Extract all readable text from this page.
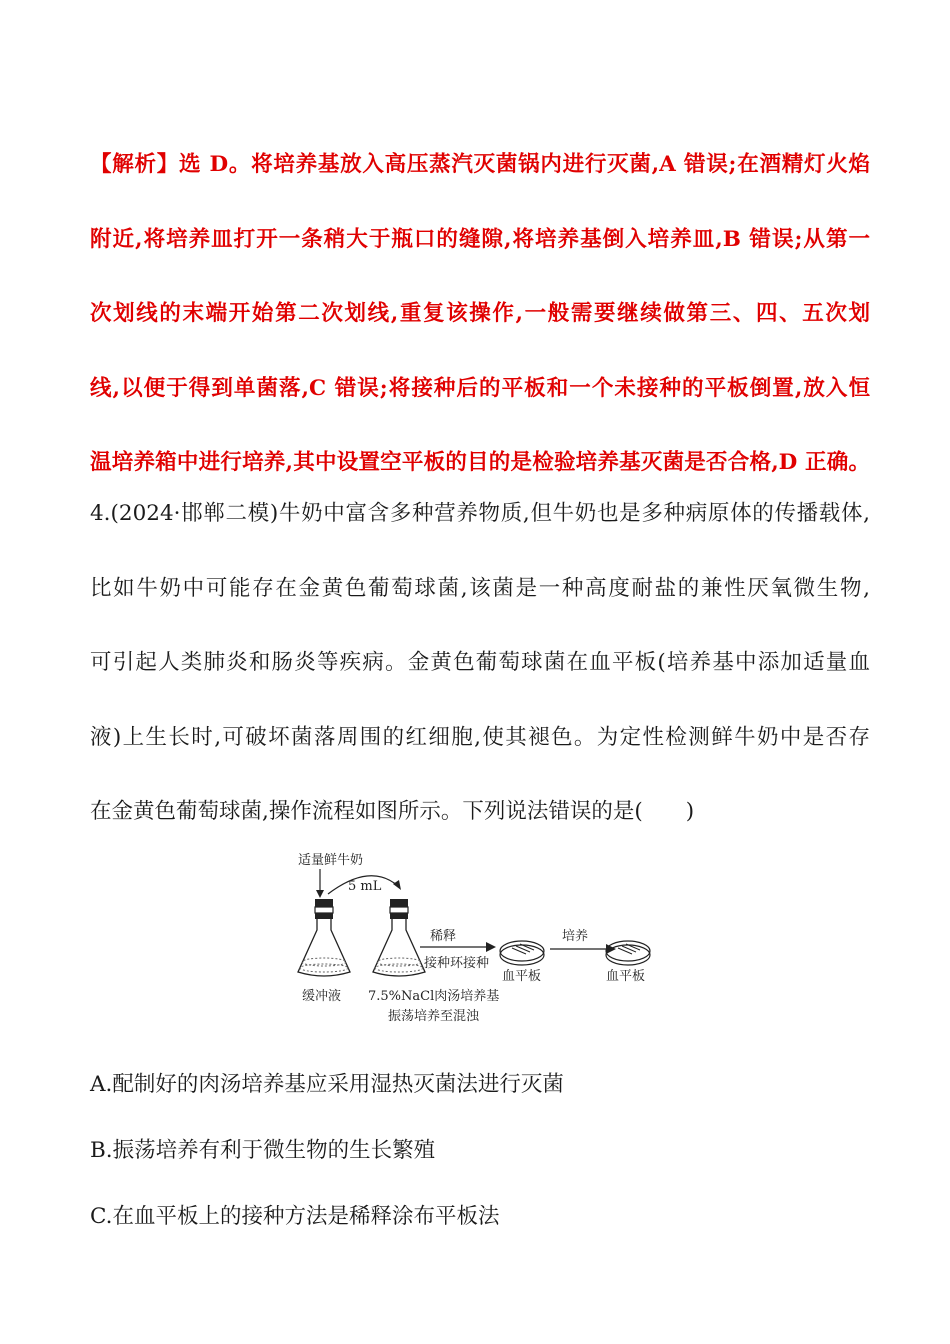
【解析】选 D。将培养基放入高压蒸汽灭菌锅内进行灭菌,A 错误;在酒精灯火焰
附近,将培养皿打开一条稍大于瓶口的缝隙,将培养基倒入培养皿,B 错误;从第一
次划线的末端开始第二次划线,重复该操作,一般需要继续做第三、四、五次划
线,以便于得到单菌落,C 错误;将接种后的平板和一个未接种的平板倒置,放入恒
温培养箱中进行培养,其中设置空平板的目的是检验培养基灭菌是否合格,D 正确。
4.(2024·邯郸二模)牛奶中富含多种营养物质,但牛奶也是多种病原体的传播载体,
比如牛奶中可能存在金黄色葡萄球菌,该菌是一种高度耐盐的兼性厌氧微生物,
可引起人类肺炎和肠炎等疾病。金黄色葡萄球菌在血平板(培养基中添加适量血
液)上生长时,可破坏菌落周围的红细胞,使其褪色。为定性检测鲜牛奶中是否存
在金黄色葡萄球菌,操作流程如图所示。下列说法错误的是(　　)
适量鲜牛奶
5 mL
稀释
接种环接种
血平板
培养
血平板
缓冲液 7.5%NaCl肉汤培养基
振荡培养至混浊
A.配制好的肉汤培养基应采用湿热灭菌法进行灭菌
B.振荡培养有利于微生物的生长繁殖
C.在血平板上的接种方法是稀释涂布平板法
